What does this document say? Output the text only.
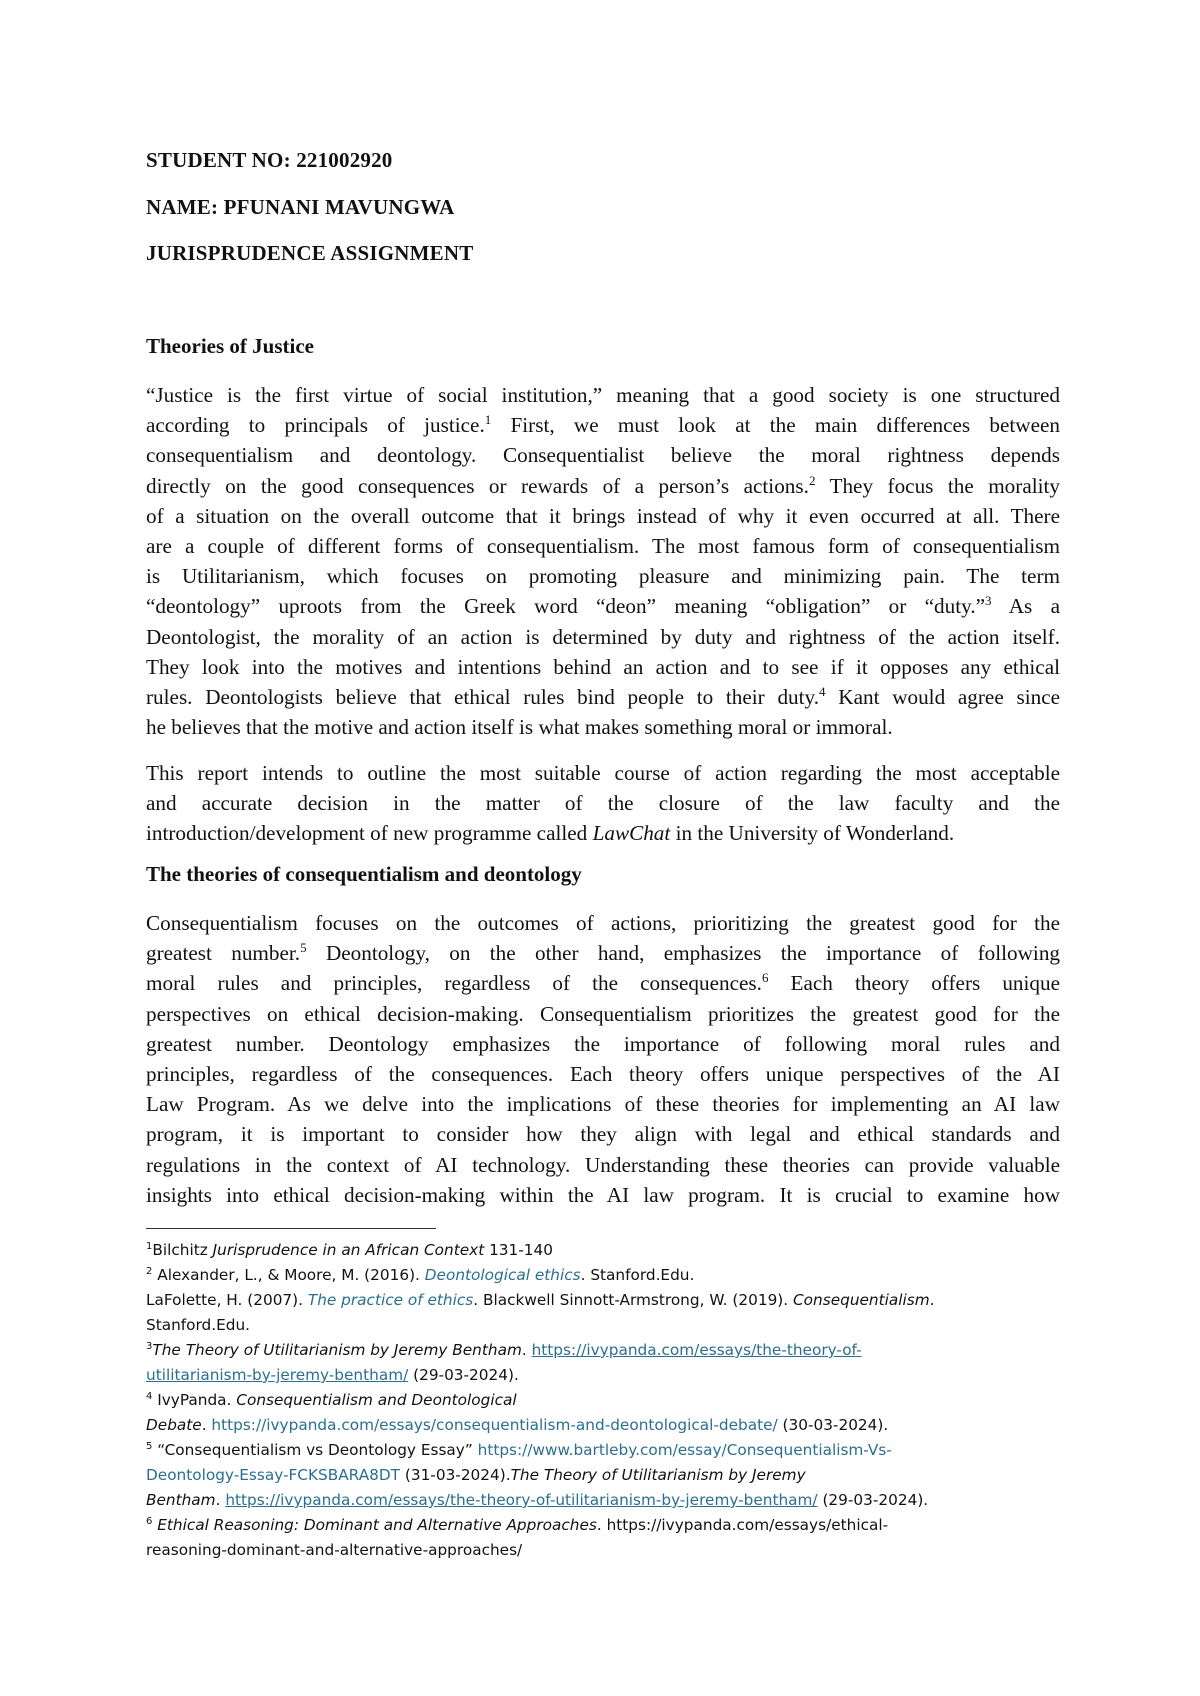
STUDENT NO: 221002920
NAME: PFUNANI MAVUNGWA
JURISPRUDENCE ASSIGNMENT
Theories of Justice
“Justice is the first virtue of social institution,” meaning that a good society is one structured
according to principals of justice.$^1$ First, we must look at the main differences between
consequentialism and deontology. Consequentialist believe the moral rightness depends
directly on the good consequences or rewards of a person’s actions.$^2$ They focus the morality
of a situation on the overall outcome that it brings instead of why it even occurred at all. There
are a couple of different forms of consequentialism. The most famous form of consequentialism
is Utilitarianism, which focuses on promoting pleasure and minimizing pain. The term
“deontology” uproots from the Greek word “deon” meaning “obligation” or “duty.”$^3$ As a
Deontologist, the morality of an action is determined by duty and rightness of the action itself.
They look into the motives and intentions behind an action and to see if it opposes any ethical
rules. Deontologists believe that ethical rules bind people to their duty.$^4$ Kant would agree since
he believes that the motive and action itself is what makes something moral or immoral.
This report intends to outline the most suitable course of action regarding the most acceptable
and accurate decision in the matter of the closure of the law faculty and the
introduction/development of new programme called LawChat in the University of Wonderland.
The theories of consequentialism and deontology
Consequentialism focuses on the outcomes of actions, prioritizing the greatest good for the
greatest number.$^5$ Deontology, on the other hand, emphasizes the importance of following
moral rules and principles, regardless of the consequences.$^6$ Each theory offers unique
perspectives on ethical decision-making. Consequentialism prioritizes the greatest good for the
greatest number. Deontology emphasizes the importance of following moral rules and
principles, regardless of the consequences. Each theory offers unique perspectives of the AI
Law Program. As we delve into the implications of these theories for implementing an AI law
program, it is important to consider how they align with legal and ethical standards and
regulations in the context of AI technology. Understanding these theories can provide valuable
insights into ethical decision-making within the AI law program. It is crucial to examine how
$^1$Bilchitz Jurisprudence in an African Context 131-140
$^2$ Alexander, L., & Moore, M. (2016). Deontological ethics. Stanford.Edu.
LaFolette, H. (2007). The practice of ethics. Blackwell Sinnott-Armstrong, W. (2019). Consequentialism.
Stanford.Edu.
$^3$The Theory of Utilitarianism by Jeremy Bentham. https://ivypanda.com/essays/the-theory-of-
utilitarianism-by-jeremy-bentham/ (29-03-2024).
$^4$ IvyPanda. Consequentialism and Deontological
Debate. https://ivypanda.com/essays/consequentialism-and-deontological-debate/ (30-03-2024).
$^5$ “Consequentialism vs Deontology Essay” https://www.bartleby.com/essay/Consequentialism-Vs-
Deontology-Essay-FCKSBARA8DT (31-03-2024).The Theory of Utilitarianism by Jeremy
Bentham. https://ivypanda.com/essays/the-theory-of-utilitarianism-by-jeremy-bentham/ (29-03-2024).
$^6$ Ethical Reasoning: Dominant and Alternative Approaches. https://ivypanda.com/essays/ethical-
reasoning-dominant-and-alternative-approaches/
